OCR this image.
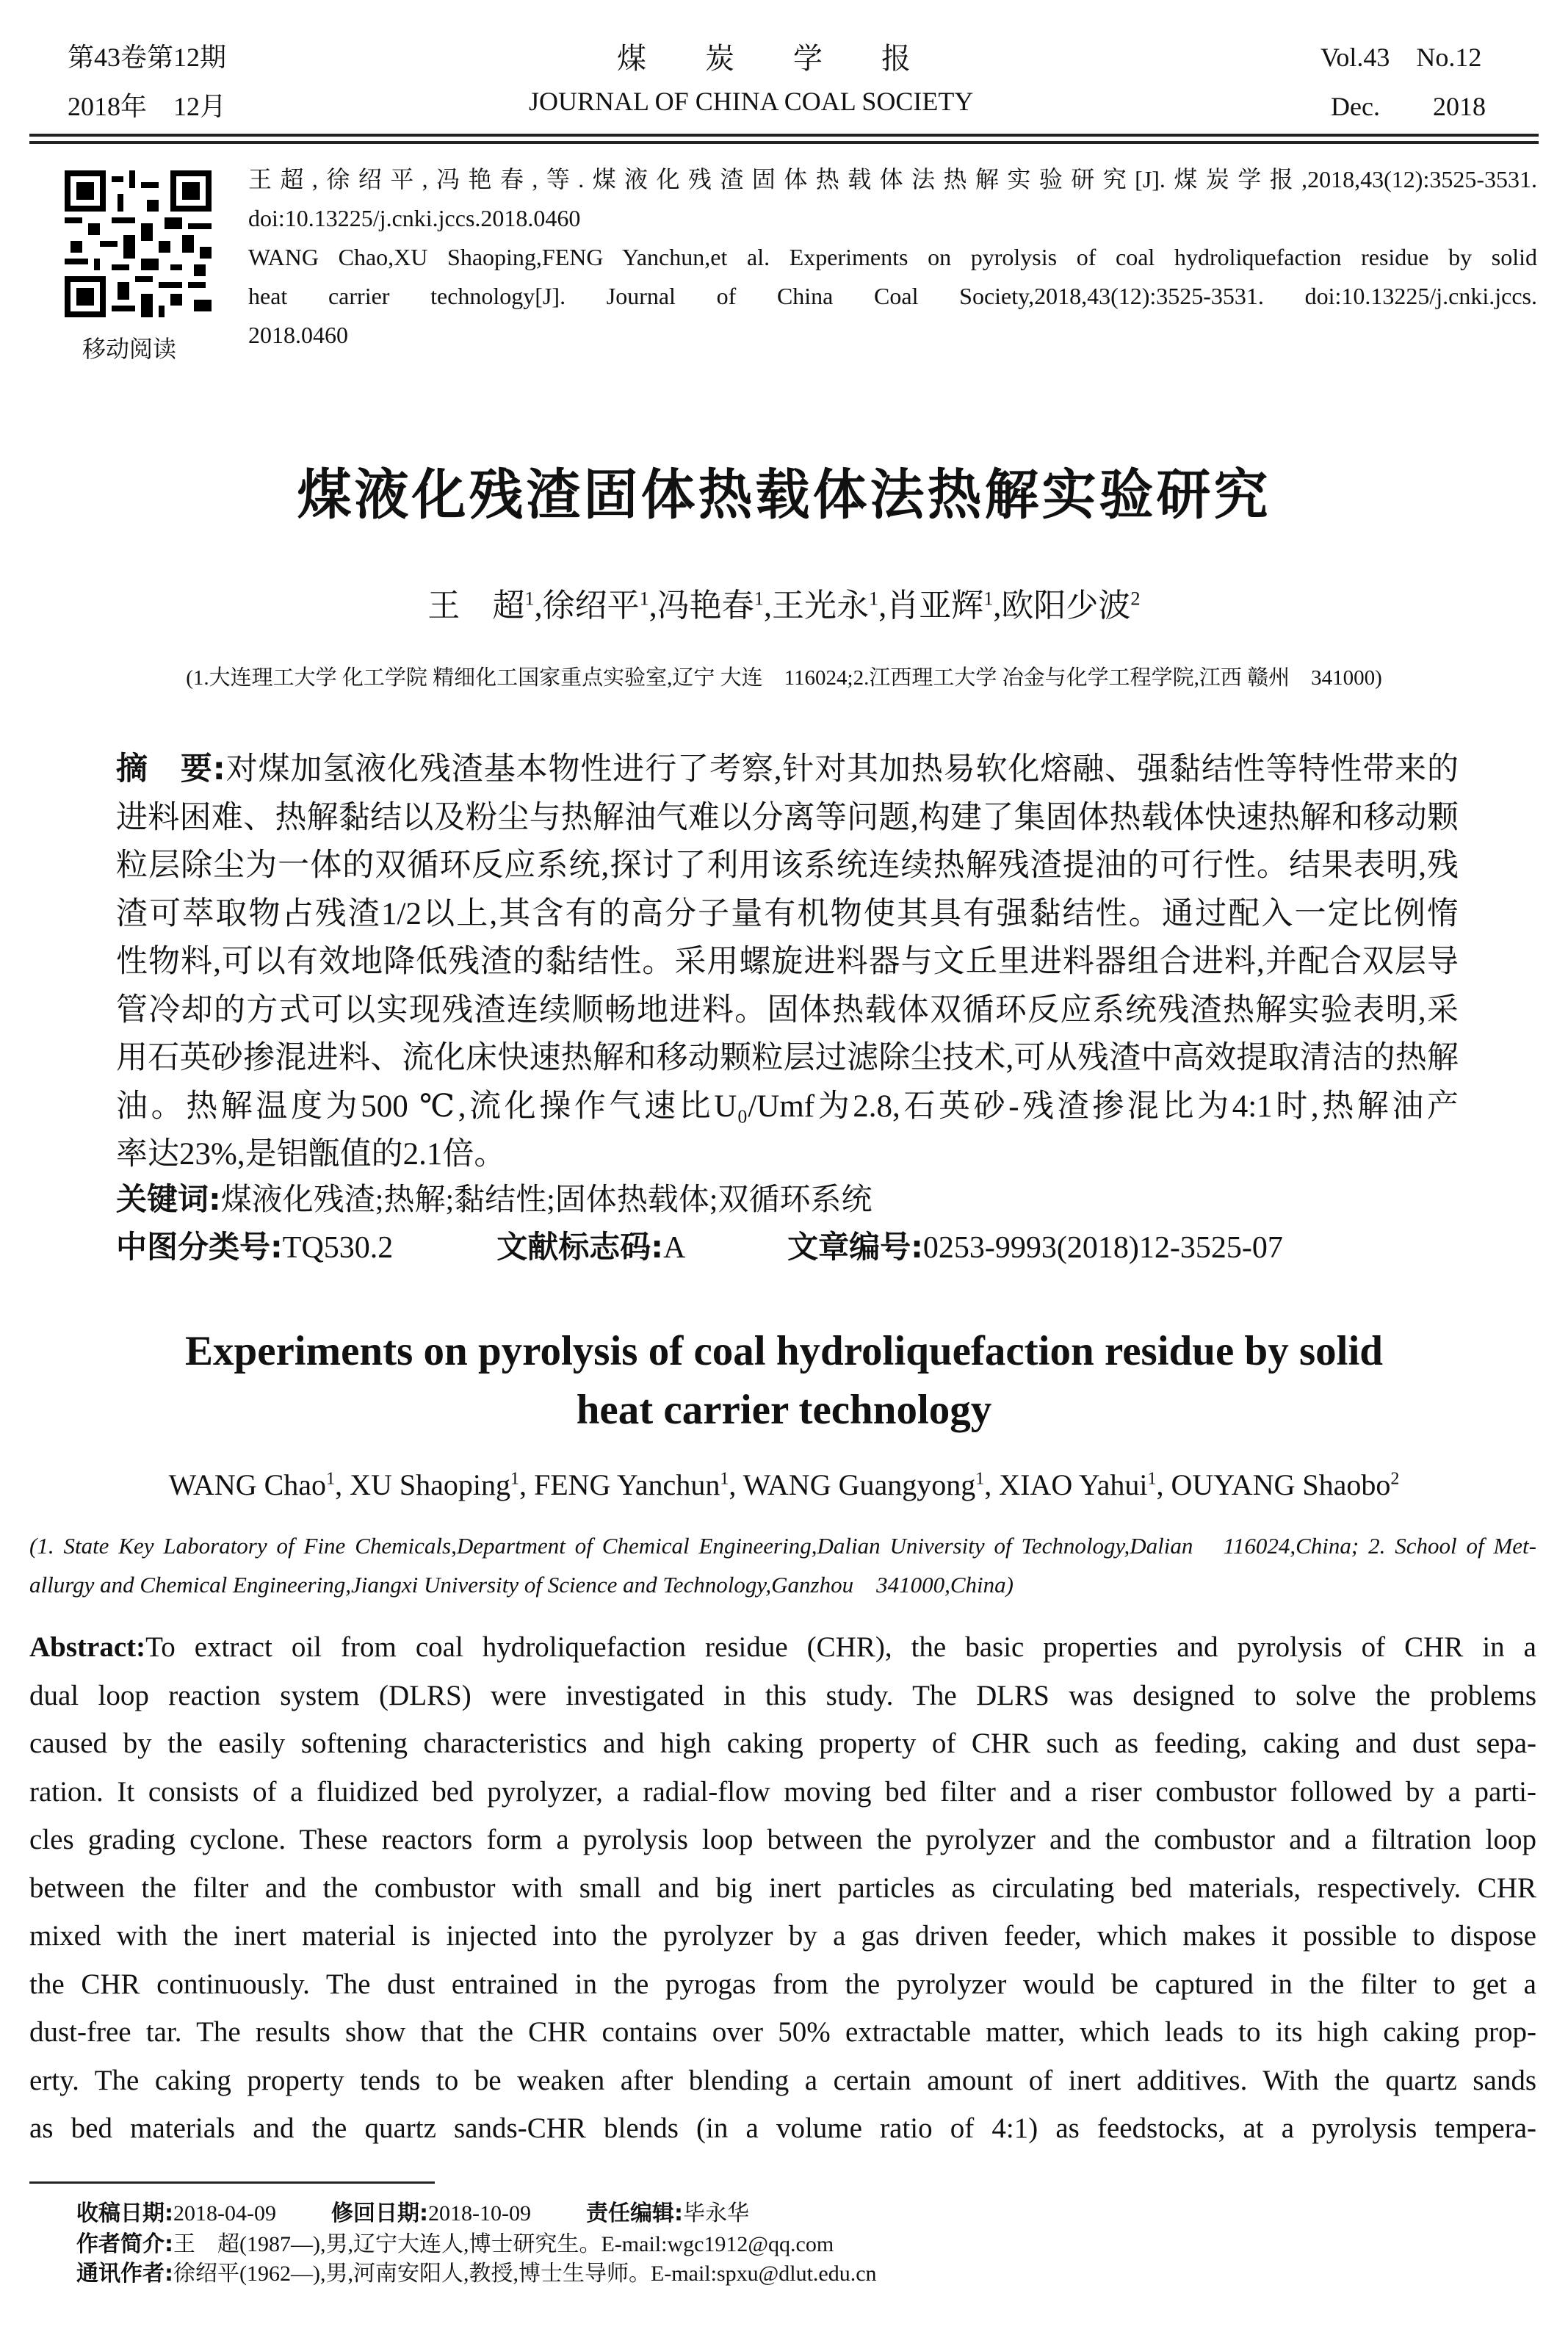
第43卷第12期
2018年　12月
煤　　炭　　学　　报
JOURNAL OF CHINA COAL SOCIETY
Vol.43　No.12
Dec.　　2018
移动阅读
王超,徐绍平,冯艳春,等.煤液化残渣固体热载体法热解实验研究[J].煤炭学报,2018,43(12):3525-3531.
doi:10.13225/j.cnki.jccs.2018.0460
WANG Chao,XU Shaoping,FENG Yanchun,et al. Experiments on pyrolysis of coal hydroliquefaction residue by solid
heat carrier technology[J]. Journal of China Coal Society,2018,43(12):3525-3531. doi:10.13225/j.cnki.jccs.
2018.0460
煤液化残渣固体热载体法热解实验研究
王　超$^1$,徐绍平$^1$,冯艳春$^1$,王光永$^1$,肖亚辉$^1$,欧阳少波$^2$
(1.大连理工大学 化工学院 精细化工国家重点实验室,辽宁 大连　116024;2.江西理工大学 冶金与化学工程学院,江西 赣州　341000)
摘　要:对煤加氢液化残渣基本物性进行了考察,针对其加热易软化熔融、强黏结性等特性带来的
进料困难、热解黏结以及粉尘与热解油气难以分离等问题,构建了集固体热载体快速热解和移动颗
粒层除尘为一体的双循环反应系统,探讨了利用该系统连续热解残渣提油的可行性。结果表明,残
渣可萃取物占残渣1/2以上,其含有的高分子量有机物使其具有强黏结性。通过配入一定比例惰
性物料,可以有效地降低残渣的黏结性。采用螺旋进料器与文丘里进料器组合进料,并配合双层导
管冷却的方式可以实现残渣连续顺畅地进料。固体热载体双循环反应系统残渣热解实验表明,采
用石英砂掺混进料、流化床快速热解和移动颗粒层过滤除尘技术,可从残渣中高效提取清洁的热解
油。热解温度为500 ℃,流化操作气速比U₀/Umf为2.8,石英砂-残渣掺混比为4:1时,热解油产
率达23%,是铝甑值的2.1倍。
关键词:煤液化残渣;热解;黏结性;固体热载体;双循环系统
中图分类号:TQ530.2	文献标志码:A	文章编号:0253-9993(2018)12-3525-07
Experiments on pyrolysis of coal hydroliquefaction residue by solid
heat carrier technology
WANG Chao$^1$, XU Shaoping$^1$, FENG Yanchun$^1$, WANG Guangyong$^1$, XIAO Yahui$^1$, OUYANG Shaobo$^2$
(1. State Key Laboratory of Fine Chemicals,Department of Chemical Engineering,Dalian University of Technology,Dalian　116024,China; 2. School of Met-
allurgy and Chemical Engineering,Jiangxi University of Science and Technology,Ganzhou　341000,China)
Abstract:To extract oil from coal hydroliquefaction residue (CHR), the basic properties and pyrolysis of CHR in a
dual loop reaction system (DLRS) were investigated in this study. The DLRS was designed to solve the problems
caused by the easily softening characteristics and high caking property of CHR such as feeding, caking and dust sepa-
ration. It consists of a fluidized bed pyrolyzer, a radial-flow moving bed filter and a riser combustor followed by a parti-
cles grading cyclone. These reactors form a pyrolysis loop between the pyrolyzer and the combustor and a filtration loop
between the filter and the combustor with small and big inert particles as circulating bed materials, respectively. CHR
mixed with the inert material is injected into the pyrolyzer by a gas driven feeder, which makes it possible to dispose
the CHR continuously. The dust entrained in the pyrogas from the pyrolyzer would be captured in the filter to get a
dust-free tar. The results show that the CHR contains over 50% extractable matter, which leads to its high caking prop-
erty. The caking property tends to be weaken after blending a certain amount of inert additives. With the quartz sands
as bed materials and the quartz sands-CHR blends (in a volume ratio of 4:1) as feedstocks, at a pyrolysis tempera-
收稿日期:2018-04-09	修回日期:2018-10-09	责任编辑:毕永华
作者简介:王　超(1987—),男,辽宁大连人,博士研究生。E-mail:wgc1912@qq.com
通讯作者:徐绍平(1962—),男,河南安阳人,教授,博士生导师。E-mail:spxu@dlut.edu.cn
